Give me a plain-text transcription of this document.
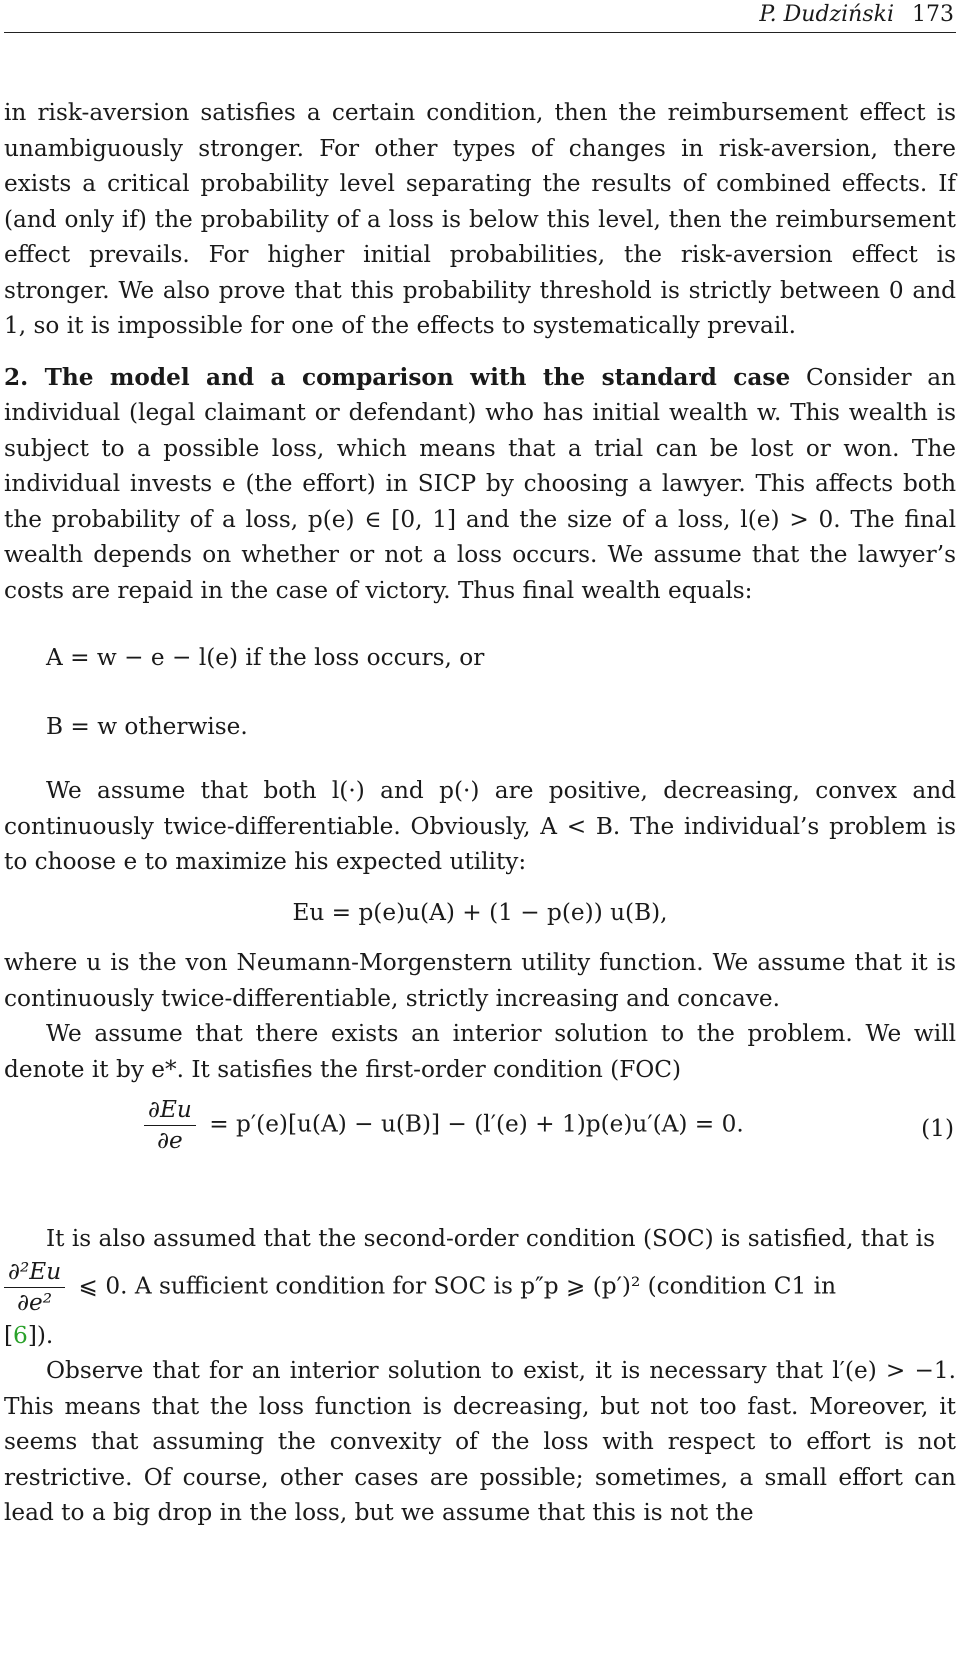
P. Dudziński 173

in risk-aversion satisfies a certain condition, then the reimbursement effect is unambiguously stronger. For other types of changes in risk-aversion, there exists a critical probability level separating the results of combined effects. If (and only if) the probability of a loss is below this level, then the reimbursement effect prevails. For higher initial probabilities, the risk-aversion effect is stronger. We also prove that this probability threshold is strictly between 0 and 1, so it is impossible for one of the effects to systematically prevail.

2. The model and a comparison with the standard case Consider an individual (legal claimant or defendant) who has initial wealth w. This wealth is subject to a possible loss, which means that a trial can be lost or won. The individual invests e (the effort) in SICP by choosing a lawyer. This affects both the probability of a loss, p(e) ∈ [0, 1] and the size of a loss, l(e) > 0. The final wealth depends on whether or not a loss occurs. We assume that the lawyer’s costs are repaid in the case of victory. Thus final wealth equals:

A = w − e − l(e) if the loss occurs, or

B = w otherwise.

We assume that both l(·) and p(·) are positive, decreasing, convex and continuously twice-differentiable. Obviously, A < B. The individual’s problem is to choose e to maximize his expected utility:

Eu = p(e)u(A) + (1 − p(e)) u(B),

where u is the von Neumann-Morgenstern utility function. We assume that it is continuously twice-differentiable, strictly increasing and concave.

We assume that there exists an interior solution to the problem. We will denote it by e*. It satisfies the first-order condition (FOC)

$\frac{\partial Eu}{\partial e} = p'(e)[u(A) - u(B)] - (l'(e) + 1)p(e)u'(A) = 0$.	(1)

It is also assumed that the second-order condition (SOC) is satisfied, that is

$\frac{\text{∂²Eu}}{\text{∂e²}}$ ⩽ 0. A sufficient condition for SOC is p″p ⩾ (p′)² (condition C1 in
[6]).

Observe that for an interior solution to exist, it is necessary that l′(e) > −1. This means that the loss function is decreasing, but not too fast. Moreover, it seems that assuming the convexity of the loss with respect to effort is not restrictive. Of course, other cases are possible; sometimes, a small effort can lead to a big drop in the loss, but we assume that this is not the
